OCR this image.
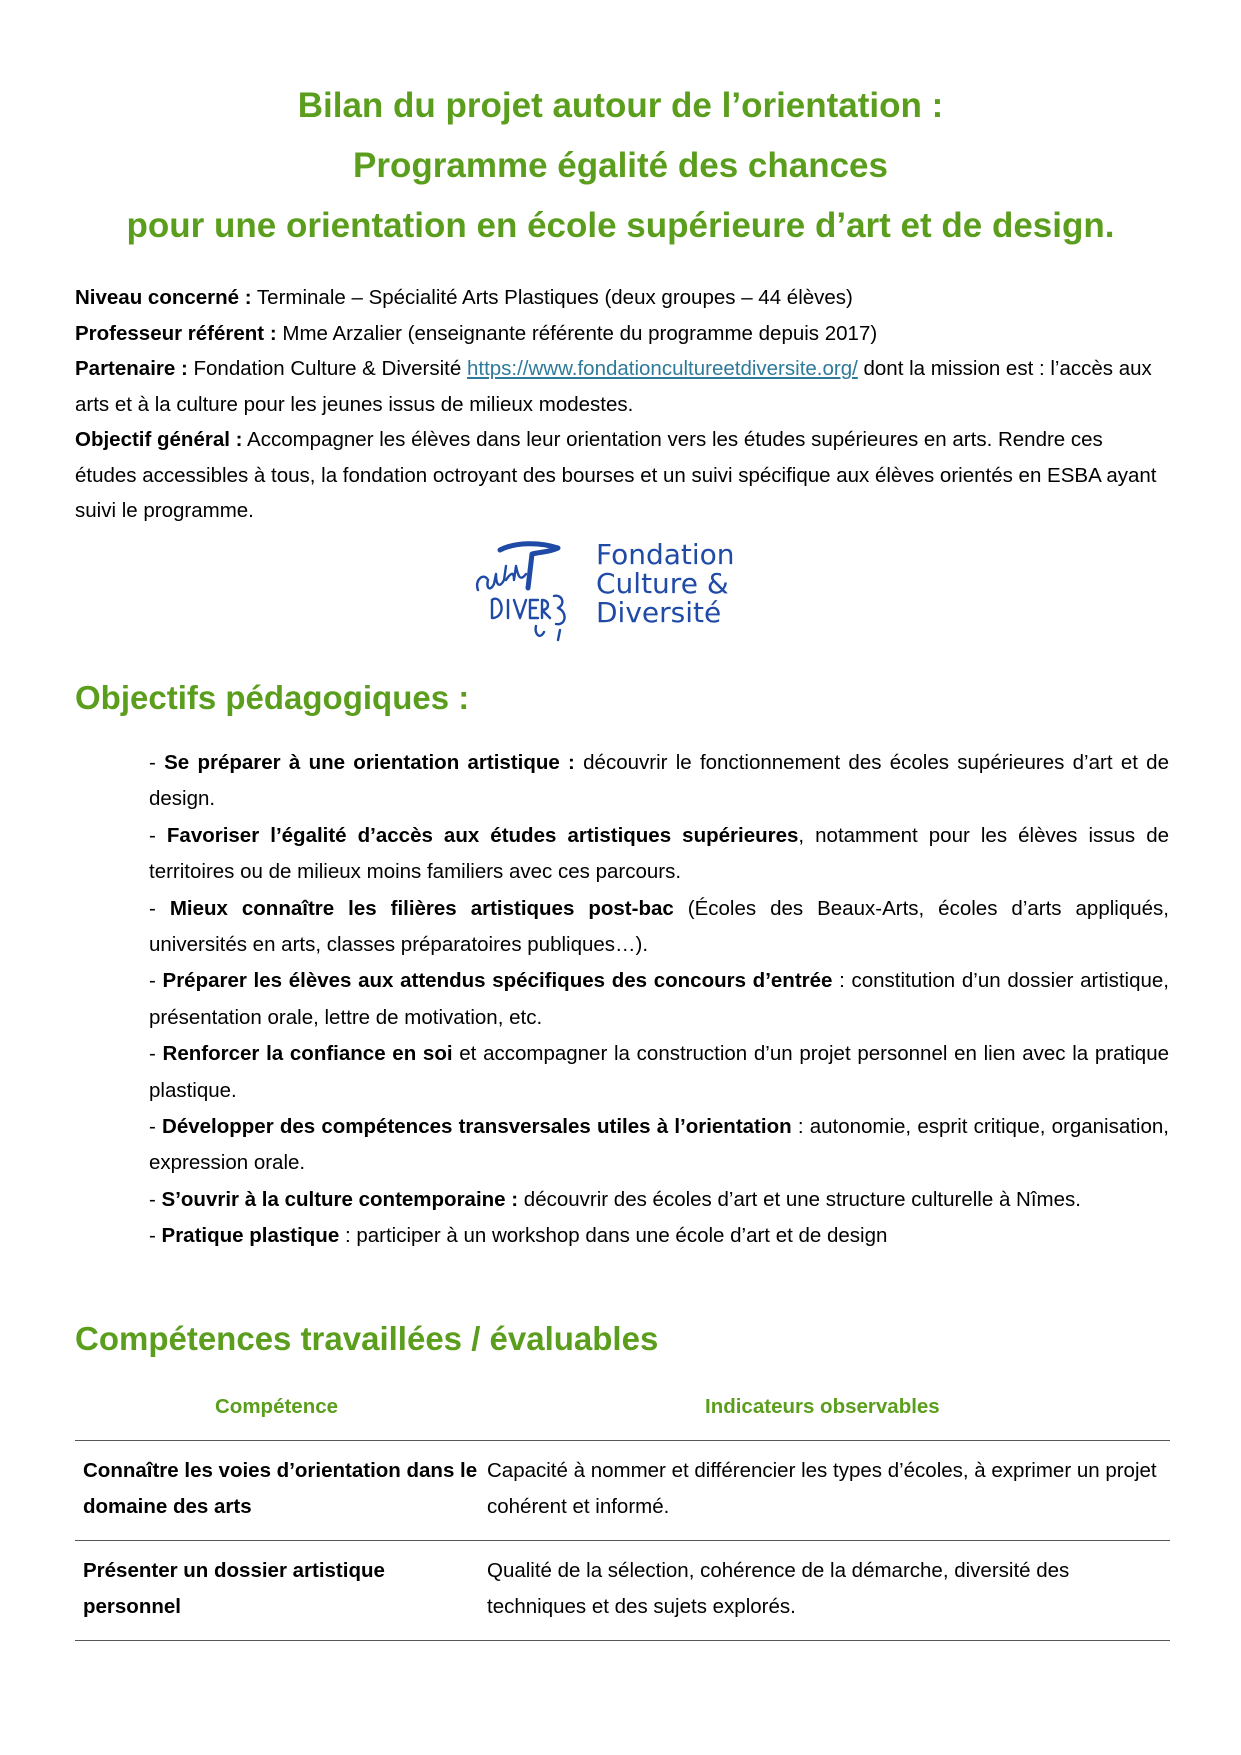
Bilan du projet autour de l’orientation :
Programme égalité des chances
pour une orientation en école supérieure d’art et de design.

Niveau concerné : Terminale – Spécialité Arts Plastiques (deux groupes – 44 élèves)

Professeur référent : Mme Arzalier (enseignante référente du programme depuis 2017)

Partenaire : Fondation Culture & Diversité https://www.fondationcultureetdiversite.org/ dont la mission est : l’accès aux arts et à la culture pour les jeunes issus de milieux modestes.

Objectif général : Accompagner les élèves dans leur orientation vers les études supérieures en arts. Rendre ces études accessibles à tous, la fondation octroyant des bourses et un suivi spécifique aux élèves orientés en ESBA ayant suivi le programme.

Fondation
Culture &
Diversité
Objectifs pédagogiques :

- Se préparer à une orientation artistique : découvrir le fonctionnement des écoles supérieures d’art et de design.

- Favoriser l’égalité d’accès aux études artistiques supérieures, notamment pour les élèves issus de territoires ou de milieux moins familiers avec ces parcours.

- Mieux connaître les filières artistiques post-bac (Écoles des Beaux-Arts, écoles d’arts appliqués, universités en arts, classes préparatoires publiques…).

- Préparer les élèves aux attendus spécifiques des concours d’entrée : constitution d’un dossier artistique, présentation orale, lettre de motivation, etc.

- Renforcer la confiance en soi et accompagner la construction d’un projet personnel en lien avec la pratique plastique.

- Développer des compétences transversales utiles à l’orientation : autonomie, esprit critique, organisation, expression orale.

- S’ouvrir à la culture contemporaine : découvrir des écoles d’art et une structure culturelle à Nîmes.

- Pratique plastique : participer à un workshop dans une école d’art et de design

Compétences travaillées / évaluables
Compétence	Indicateurs observables
Connaître les voies d’orientation dans le domaine des arts
Capacité à nommer et différencier les types d’écoles, à exprimer un projet cohérent et informé.
Présenter un dossier artistique personnel
Qualité de la sélection, cohérence de la démarche, diversité des techniques et des sujets explorés.
